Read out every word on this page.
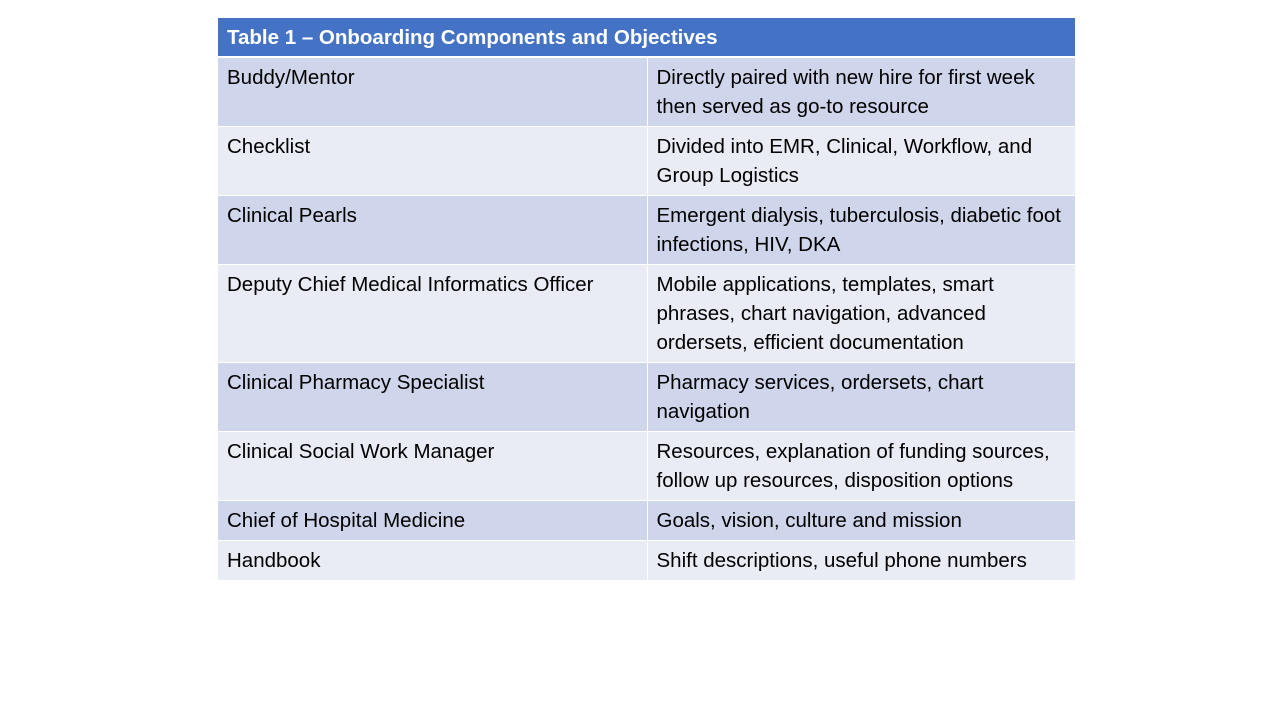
Table 1 – Onboarding Components and Objectives	
Buddy/Mentor	Directly paired with new hire for first week then served as go-to resource
Checklist	Divided into EMR, Clinical, Workflow, and Group Logistics
Clinical Pearls	Emergent dialysis, tuberculosis, diabetic foot infections, HIV, DKA
Deputy Chief Medical Informatics Officer	Mobile applications, templates, smart phrases, chart navigation, advanced ordersets, efficient documentation
Clinical Pharmacy Specialist	Pharmacy services, ordersets, chart navigation
Clinical Social Work Manager	Resources, explanation of funding sources, follow up resources, disposition options
Chief of Hospital Medicine	Goals, vision, culture and mission
Handbook	Shift descriptions, useful phone numbers
